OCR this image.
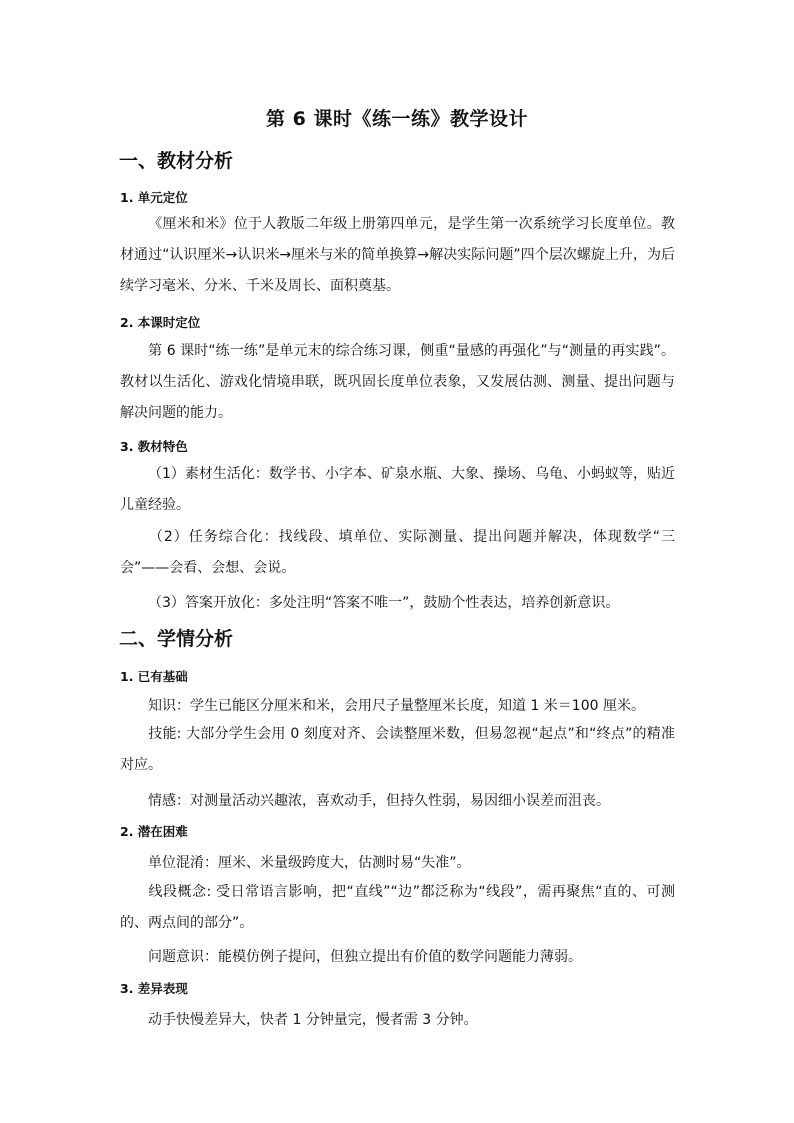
第 6 课时《练一练》教学设计
一、教材分析
1. 单元定位
《厘米和米》位于人教版二年级上册第四单元，是学生第一次系统学习长度单位。教材通过“认识厘米→认识米→厘米与米的简单换算→解决实际问题”四个层次螺旋上升，为后续学习毫米、分米、千米及周长、面积奠基。
2. 本课时定位
第 6 课时“练一练”是单元末的综合练习课，侧重“量感的再强化”与“测量的再实践”。教材以生活化、游戏化情境串联，既巩固长度单位表象，又发展估测、测量、提出问题与解决问题的能力。
3. 教材特色
（1）素材生活化：数学书、小字本、矿泉水瓶、大象、操场、乌龟、小蚂蚁等，贴近儿童经验。
（2）任务综合化：找线段、填单位、实际测量、提出问题并解决，体现数学“三会”——会看、会想、会说。
（3）答案开放化：多处注明“答案不唯一”，鼓励个性表达，培养创新意识。
二、学情分析
1. 已有基础
知识：学生已能区分厘米和米，会用尺子量整厘米长度，知道 1 米＝100 厘米。
技能: 大部分学生会用 0 刻度对齐、会读整厘米数，但易忽视“起点”和“终点”的精准对应。
情感：对测量活动兴趣浓，喜欢动手，但持久性弱，易因细小误差而沮丧。
2. 潜在困难
单位混淆：厘米、米量级跨度大，估测时易“失准”。
线段概念: 受日常语言影响，把“直线”“边”都泛称为“线段”，需再聚焦“直的、可测的、两点间的部分”。
问题意识：能模仿例子提问，但独立提出有价值的数学问题能力薄弱。
3. 差异表现
动手快慢差异大，快者 1 分钟量完，慢者需 3 分钟。
